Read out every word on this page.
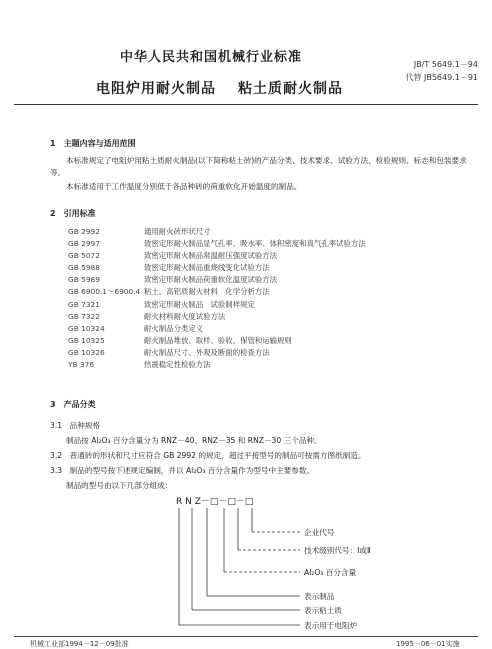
中华人民共和国机械行业标准	JB/T 5649.1－94
代替 JB5649.1－91
电阻炉用耐火制品 粘土质耐火制品
1　主题内容与适用范围
本标准规定了电阻炉用粘土质耐火制品(以下简称粘土砖)的产品分类、技术要求、试验方法、检验规则、标志和包装要求等。
本标准适用于工作温度分别低于各品种砖的荷重软化开始温度的制品。
2　引用标准
GB 2992	通用耐火砖形状尺寸
GB 2997	致密定形耐火制品显气孔率、吸水率、体积密度和真气孔率试验方法
GB 5072	致密定形耐火制品常温耐压强度试验方法
GB 5988	致密定形耐火制品重烧线变化试验方法
GB 5989	致密定形耐火制品荷重软化温度试验方法
GB 6900.1～6900.4 粘土、高铝质耐火材料　化学分析方法
GB 7321	致密定形耐火制品　试验制样规定
GB 7322	耐火材料耐火度试验方法
GB 10324	耐火制品分类定义
GB 10325	耐火制品堆放、取样、验收、保管和运输规则
GB 10326	耐火制品尺寸、外观及断面的检查方法
YB 376	热震稳定性检验方法
3　产品分类
3.1　品种规格
制品按 Al₂O₃ 百分含量分为 RNZ－40、RNZ－35 和 RNZ－30 三个品种。
3.2　普通砖的形状和尺寸应符合 GB 2992 的规定，超过平接型号的制品可按需方图纸制造。
3.3　制品的型号按下述规定编制，并以 Al₂O₃ 百分含量作为型号中主要参数。
制品的型号由以下几部分组成：
R N Z－□－□－□
企业代号
技术级别代号：Ⅰ或Ⅱ
Al₂O₃ 百分含量
表示制品
表示粘土质
表示用于电阻炉
机械工业部1994－12－09批准	1995－06－01实施
